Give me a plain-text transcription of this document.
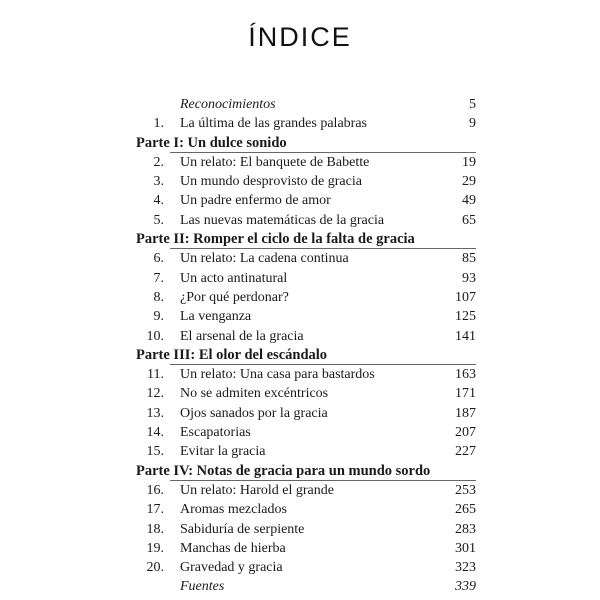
ÍNDICE
Reconocimientos	5
1. La última de las grandes palabras	9
Parte I: Un dulce sonido
2. Un relato: El banquete de Babette	19
3. Un mundo desprovisto de gracia	29
4. Un padre enfermo de amor	49
5. Las nuevas matemáticas de la gracia	65
Parte II: Romper el ciclo de la falta de gracia
6. Un relato: La cadena continua	85
7. Un acto antinatural	93
8. ¿Por qué perdonar?	107
9. La venganza	125
10. El arsenal de la gracia	141
Parte III: El olor del escándalo
11. Un relato: Una casa para bastardos	163
12. No se admiten excéntricos	171
13. Ojos sanados por la gracia	187
14. Escapatorias	207
15. Evitar la gracia	227
Parte IV: Notas de gracia para un mundo sordo
16. Un relato: Harold el grande	253
17. Aromas mezclados	265
18. Sabiduría de serpiente	283
19. Manchas de hierba	301
20. Gravedad y gracia	323
Fuentes	339
